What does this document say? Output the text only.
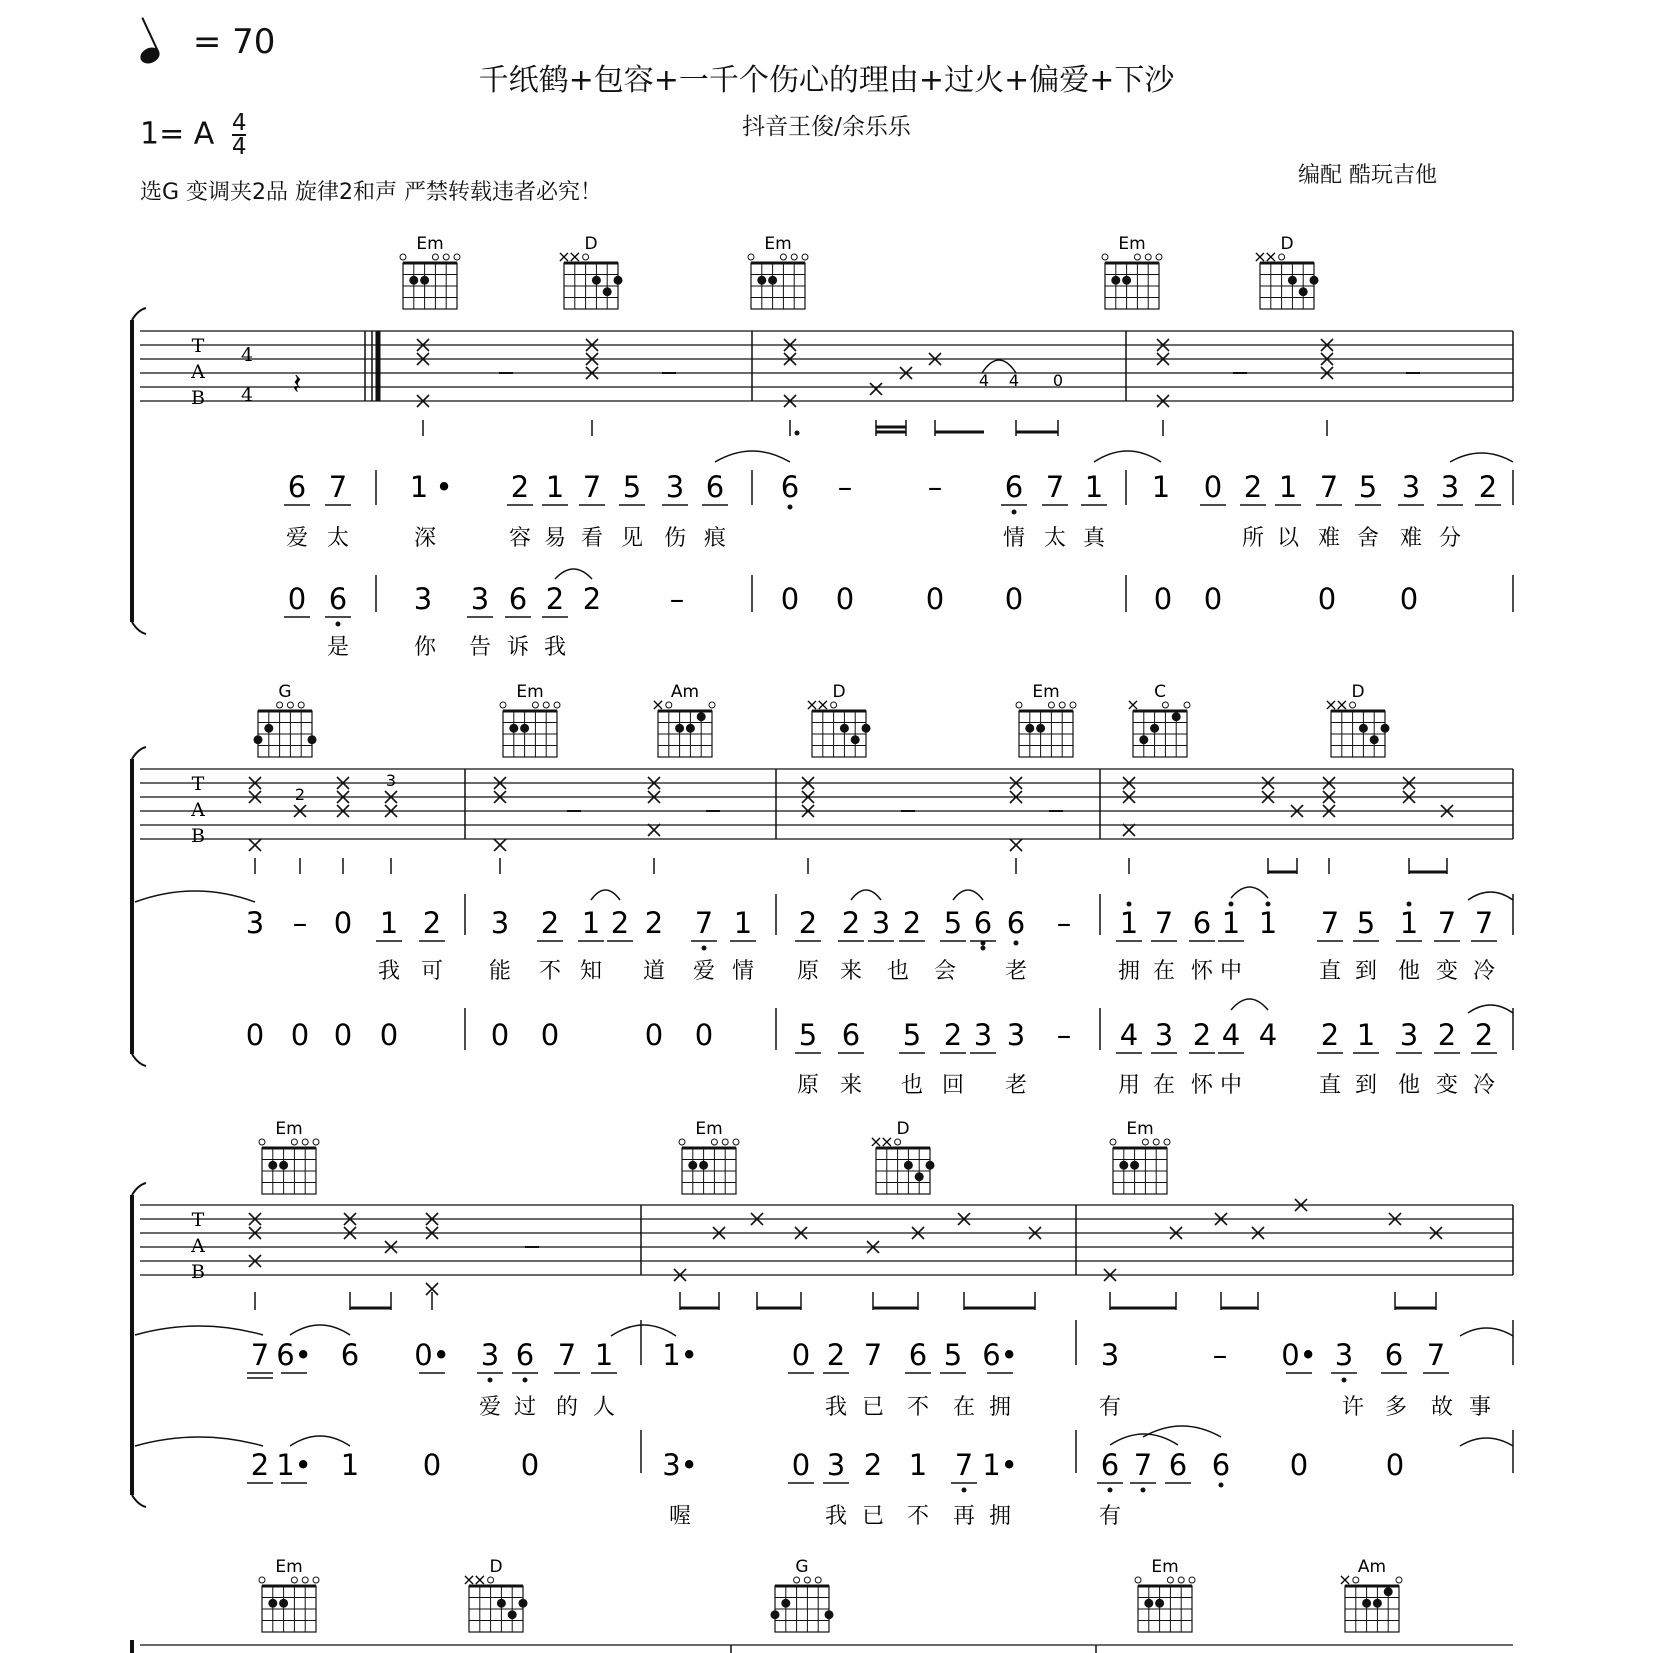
= 70
千纸鹤+包容+一千个伤心的理由+过火+偏爱+下沙
抖音王俊/余乐乐
1= A $\frac{4}{4}$
选G 变调夹2品 旋律2和声 严禁转载违者必究！
编配 酷玩吉他
Em	D
×
×
Em	Em	D
×
×
T
A
B
4
4 𝄽	4 4 0
6 7 1 • 2 1 7 5 3 6 6 –	– 6 7 1 1 0 2 1 7 5 3 3 2
爱 太	深	容 易 看 见 伤 痕	情 太 真	所 以 难 舍 难 分
0 6 3 3 6 2 2 –	0 0 0 0	0 0	0 0
是	你 告 诉 我
G	Em	Am
×
D
×
×
Em	C
×
D
×
×
T
A
B
2
3
3 – 0 1 2 3 2 1 2 2 7 1 2 2 3 2 5 6 6 – 1 7 6 1 1 7 5 1 7 7
我 可 能 不 知 道 爱 情 原 来 也 会 老	拥 在 怀 中	直 到 他 变 冷
0 0 0 0	0 0	0 0	5 6 5 2 3 3 – 4 3 2 4 4 2 1 3 2 2
原 来 也 回 老	用 在 怀 中	直 到 他 变 冷
Em	Em	D
×
×
Em
T
A
B
7 6• 6 0• 3 6 7 1 1•	0 2 7 6 5 6•	3	– 0• 3 6 7
爱 过 的 人	我 已 不 在 拥	有	许 多 故 事
2 1• 1 0	0	3•	0 3 2 1 7 1•	6 7 6 6 0	0
喔	我 已 不 再 拥	有
Em	D
×
×
G	Em	Am
×
